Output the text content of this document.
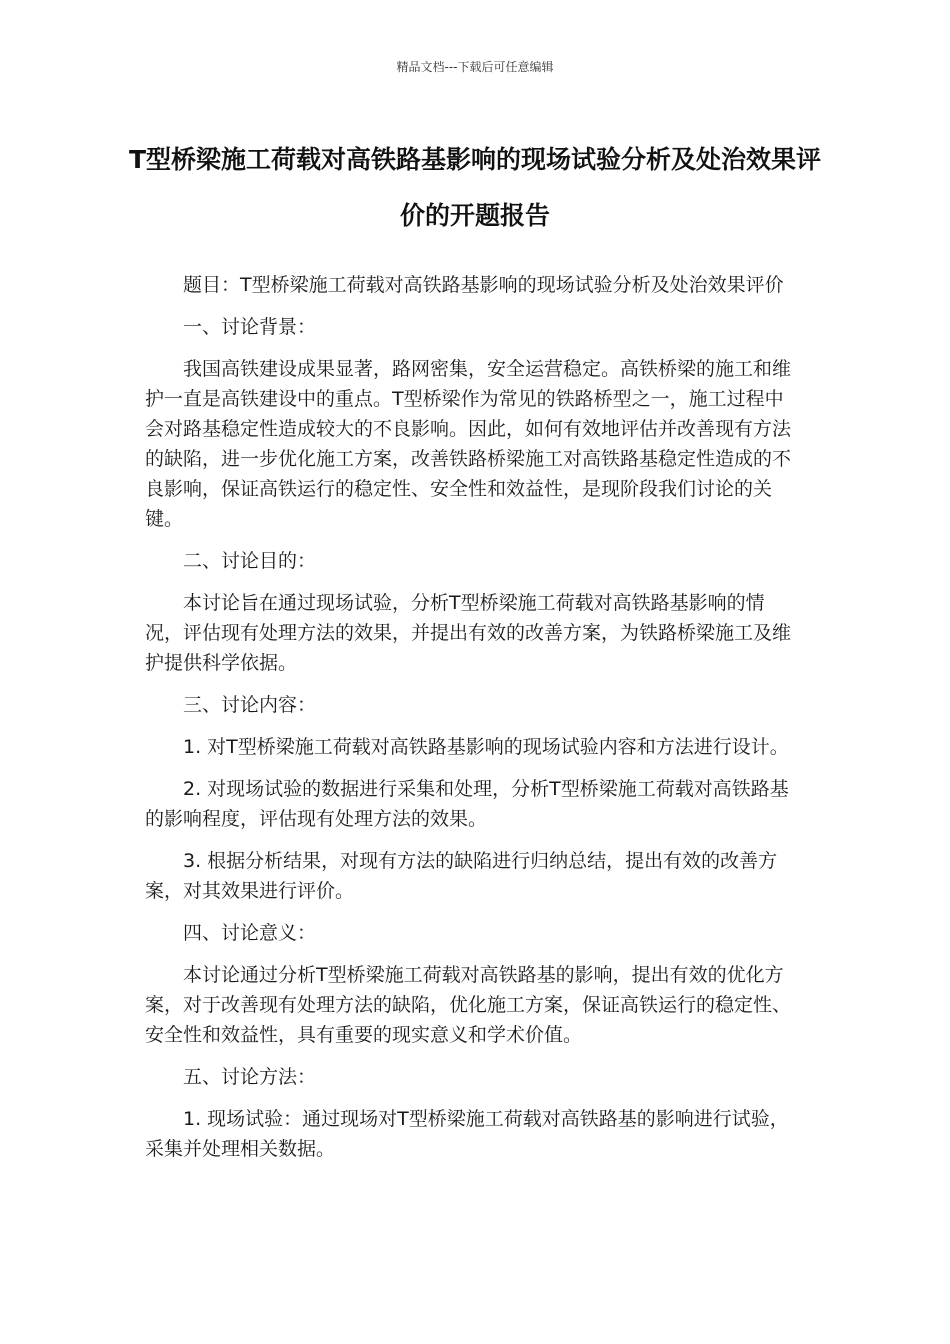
精品文档---下载后可任意编辑
T型桥梁施工荷载对高铁路基影响的现场试验分析及处治效果评价的开题报告

题目：T型桥梁施工荷载对高铁路基影响的现场试验分析及处治效果评价

一、讨论背景：

我国高铁建设成果显著，路网密集，安全运营稳定。高铁桥梁的施工和维护一直是高铁建设中的重点。T型桥梁作为常见的铁路桥型之一，施工过程中会对路基稳定性造成较大的不良影响。因此，如何有效地评估并改善现有方法的缺陷，进一步优化施工方案，改善铁路桥梁施工对高铁路基稳定性造成的不良影响，保证高铁运行的稳定性、安全性和效益性，是现阶段我们讨论的关键。

二、讨论目的：

本讨论旨在通过现场试验，分析T型桥梁施工荷载对高铁路基影响的情况，评估现有处理方法的效果，并提出有效的改善方案，为铁路桥梁施工及维护提供科学依据。

三、讨论内容：

1. 对T型桥梁施工荷载对高铁路基影响的现场试验内容和方法进行设计。

2. 对现场试验的数据进行采集和处理，分析T型桥梁施工荷载对高铁路基的影响程度，评估现有处理方法的效果。

3. 根据分析结果，对现有方法的缺陷进行归纳总结，提出有效的改善方案，对其效果进行评价。

四、讨论意义：

本讨论通过分析T型桥梁施工荷载对高铁路基的影响，提出有效的优化方案，对于改善现有处理方法的缺陷，优化施工方案，保证高铁运行的稳定性、安全性和效益性，具有重要的现实意义和学术价值。

五、讨论方法：

1. 现场试验：通过现场对T型桥梁施工荷载对高铁路基的影响进行试验，采集并处理相关数据。
